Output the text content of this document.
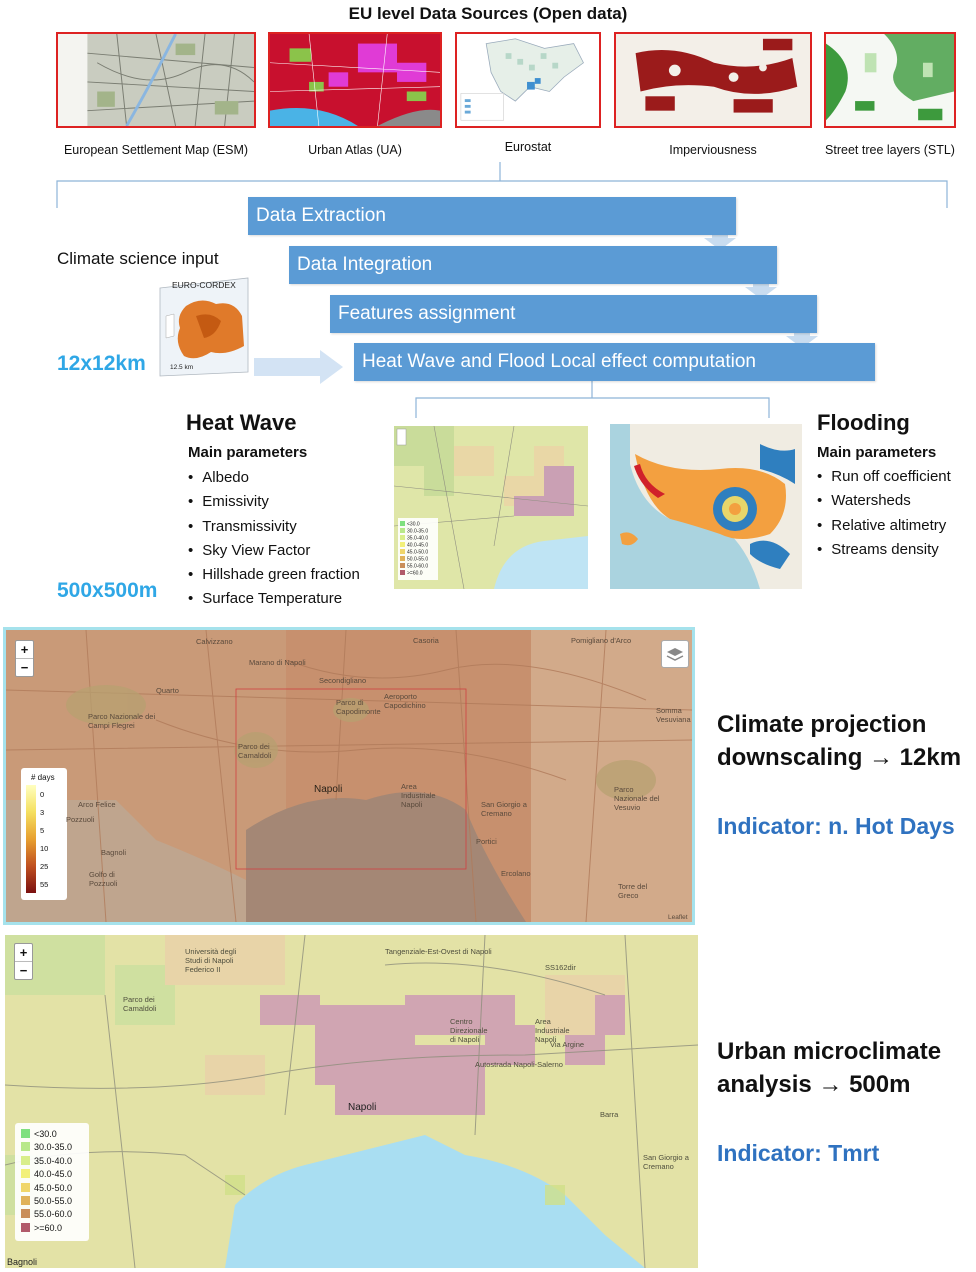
EU level Data Sources (Open data)
European Settlement Map (ESM)	Urban Atlas (UA)	Eurostat	Imperviousness	Street tree layers (STL)
Data Extraction
Data Integration
Features assignment
Heat Wave and Flood Local effect computation
Climate science input
12.5 km
EURO-CORDEX
12x12km
500x500m
Heat Wave
Main parameters
• Albedo
• Emissivity
• Transmissivity
• Sky View Factor
• Hillshade green fraction
• Surface Temperature
<30.0
30.0-35.0
35.0-40.0
40.0-45.0
45.0-50.0
50.0-55.0
55.0-60.0
>=60.0
Flooding
Main parameters
• Run off coefficient
• Watersheds
• Relative altimetry
• Streams density
+
−
# days
0
3
5
10
25
55
Calvizzano
Marano di Napoli
Casoria	Pomigliano d'Arco
Secondigliano
Aeroporto Capodichino
Parco di Capodimonte
Quarto
Parco Nazionale dei Campi Flegrei
Parco dei Camaldoli
Napoli	Area Industriale Napoli	San Giorgio a Cremano
Portici
Ercolano
Somma Vesuviana
Parco Nazionale del Vesuvio
Pozzuoli
Bagnoli
Arco Felice
Golfo di Pozzuoli	Torre del Greco
Leaflet
Climate projection
downscaling → 12km
Indicator: n. Hot Days
+
−
<30.0
30.0-35.0
35.0-40.0
40.0-45.0
45.0-50.0
50.0-55.0
55.0-60.0
>=60.0
Università degli Studi di Napoli Federico II
Parco dei Camaldoli
Centro Direzionale di Napoli
Area Industriale Napoli
Napoli
Barra
San Giorgio a Cremano
Bagnoli
SS162dir
Tangenziale-Est-Ovest di Napoli
Autostrada Napoli-Salerno
Via Argine	Urban microclimate
analysis → 500m
Indicator: Tmrt
